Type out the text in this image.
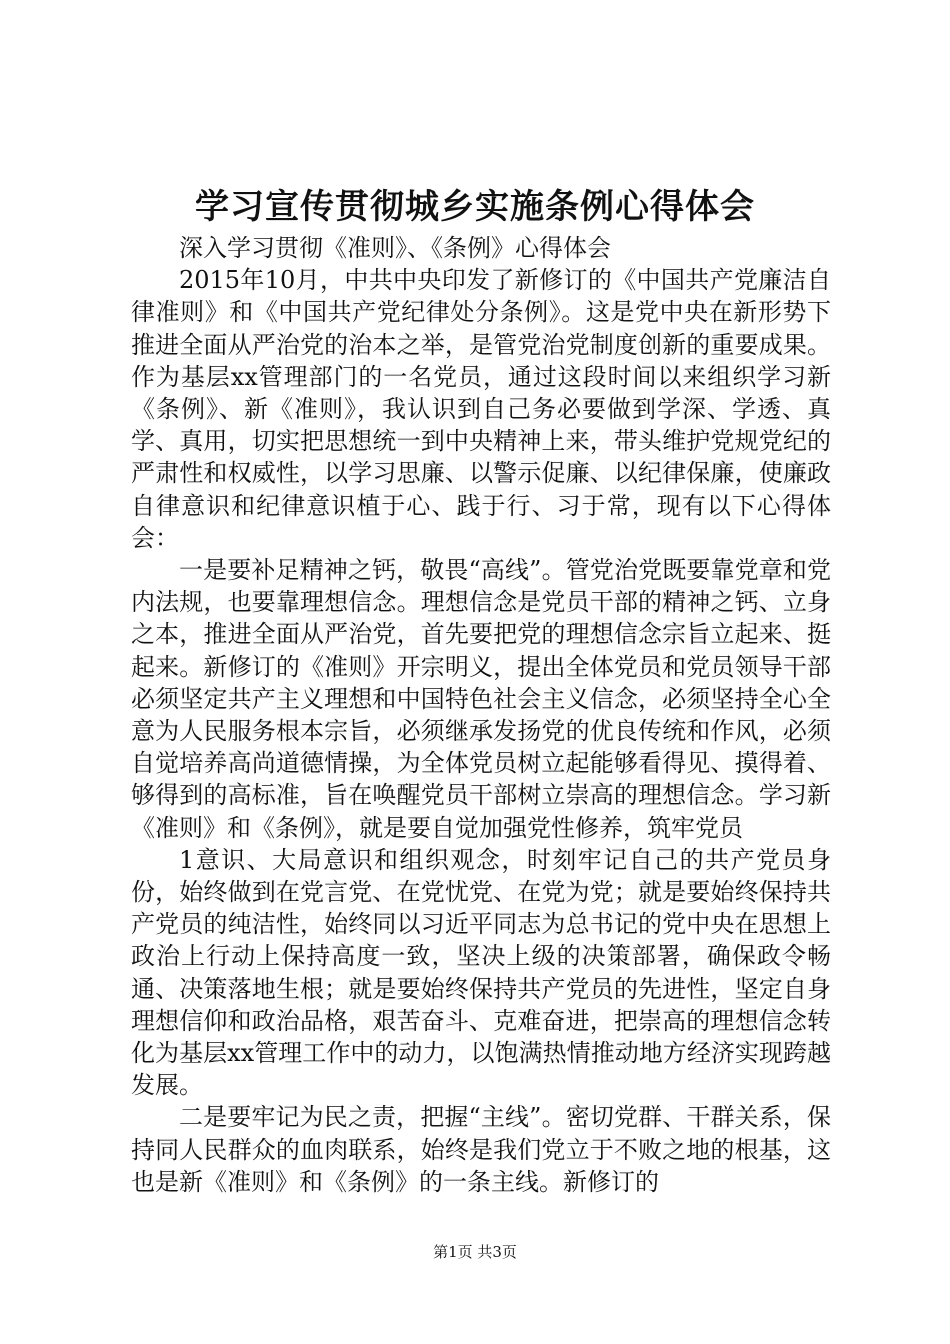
学习宣传贯彻城乡实施条例心得体会

深入学习贯彻《准则》、《条例》心得体会

2015年10月，中共中央印发了新修订的《中国共产党廉洁自律准则》和《中国共产党纪律处分条例》。这是党中央在新形势下推进全面从严治党的治本之举，是管党治党制度创新的重要成果。作为基层xx管理部门的一名党员，通过这段时间以来组织学习新《条例》、新《准则》，我认识到自己务必要做到学深、学透、真学、真用，切实把思想统一到中央精神上来，带头维护党规党纪的严肃性和权威性，以学习思廉、以警示促廉、以纪律保廉，使廉政自律意识和纪律意识植于心、践于行、习于常，现有以下心得体会：

一是要补足精神之钙，敬畏“高线”。管党治党既要靠党章和党内法规，也要靠理想信念。理想信念是党员干部的精神之钙、立身之本，推进全面从严治党，首先要把党的理想信念宗旨立起来、挺起来。新修订的《准则》开宗明义，提出全体党员和党员领导干部必须坚定共产主义理想和中国特色社会主义信念，必须坚持全心全意为人民服务根本宗旨，必须继承发扬党的优良传统和作风，必须自觉培养高尚道德情操，为全体党员树立起能够看得见、摸得着、够得到的高标准，旨在唤醒党员干部树立崇高的理想信念。学习新《准则》和《条例》，就是要自觉加强党性修养，筑牢党员

1意识、大局意识和组织观念，时刻牢记自己的共产党员身份，始终做到在党言党、在党忧党、在党为党；就是要始终保持共产党员的纯洁性，始终同以习近平同志为总书记的党中央在思想上政治上行动上保持高度一致，坚决上级的决策部署，确保政令畅通、决策落地生根；就是要始终保持共产党员的先进性，坚定自身理想信仰和政治品格，艰苦奋斗、克难奋进，把崇高的理想信念转化为基层xx管理工作中的动力，以饱满热情推动地方经济实现跨越发展。

二是要牢记为民之责，把握“主线”。密切党群、干群关系，保持同人民群众的血肉联系，始终是我们党立于不败之地的根基，这也是新《准则》和《条例》的一条主线。新修订的

第1页 共3页
